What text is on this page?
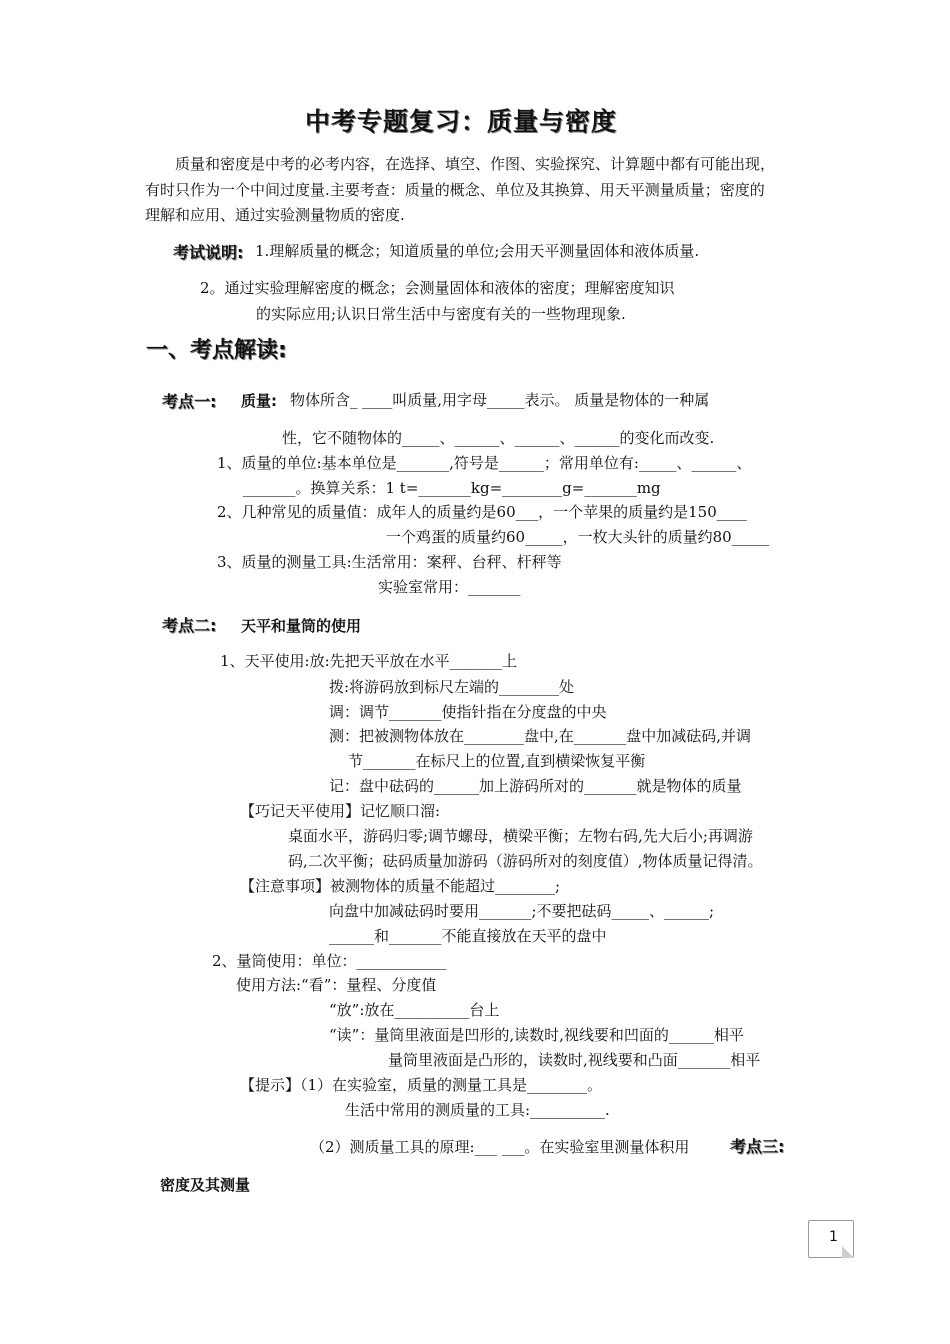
中考专题复习：质量与密度
质量和密度是中考的必考内容，在选择、填空、作图、实验探究、计算题中都有可能出现，
有时只作为一个中间过度量.主要考查：质量的概念、单位及其换算、用天平测量质量；密度的
理解和应用、通过实验测量物质的密度.
考试说明: 1.理解质量的概念；知道质量的单位;会用天平测量固体和液体质量.
2。通过实验理解密度的概念；会测量固体和液体的密度；理解密度知识
的实际应用;认识日常生活中与密度有关的一些物理现象.
一、考点解读:
考点一: 质量: 物体所含_ ____叫质量,用字母_____表示。 质量是物体的一种属
性，它不随物体的_____、______、______、______的变化而改变.
1、质量的单位:基本单位是_______,符号是______；常用单位有:_____、______、
_______。换算关系：1 t=_______kg=________g=_______mg
2、几种常见的质量值：成年人的质量约是60___，一个苹果的质量约是150____
一个鸡蛋的质量约60_____，一枚大头针的质量约80_____
3、质量的测量工具:生活常用：案秤、台秤、杆秤等
实验室常用：_______
考点二: 天平和量筒的使用
1、天平使用:放:先把天平放在水平_______上
拨:将游码放到标尺左端的________处
调：调节_______使指针指在分度盘的中央
测：把被测物体放在________盘中,在_______盘中加减砝码,并调
节_______在标尺上的位置,直到横梁恢复平衡
记：盘中砝码的______加上游码所对的_______就是物体的质量
【巧记天平使用】记忆顺口溜:
桌面水平，游码归零;调节螺母，横梁平衡；左物右码,先大后小;再调游
码,二次平衡；砝码质量加游码（游码所对的刻度值）,物体质量记得清。
【注意事项】被测物体的质量不能超过________;
向盘中加减砝码时要用_______;不要把砝码_____、______;
______和_______不能直接放在天平的盘中
2、量筒使用：单位：____________
使用方法:“看”：量程、分度值
“放”:放在__________台上
“读”：量筒里液面是凹形的,读数时,视线要和凹面的______相平
量筒里液面是凸形的，读数时,视线要和凸面_______相平
【提示】（1）在实验室，质量的测量工具是________。
生活中常用的测质量的工具:__________.
（2）测质量工具的原理:___ ___。在实验室里测量体积用	考点三:
密度及其测量
1
